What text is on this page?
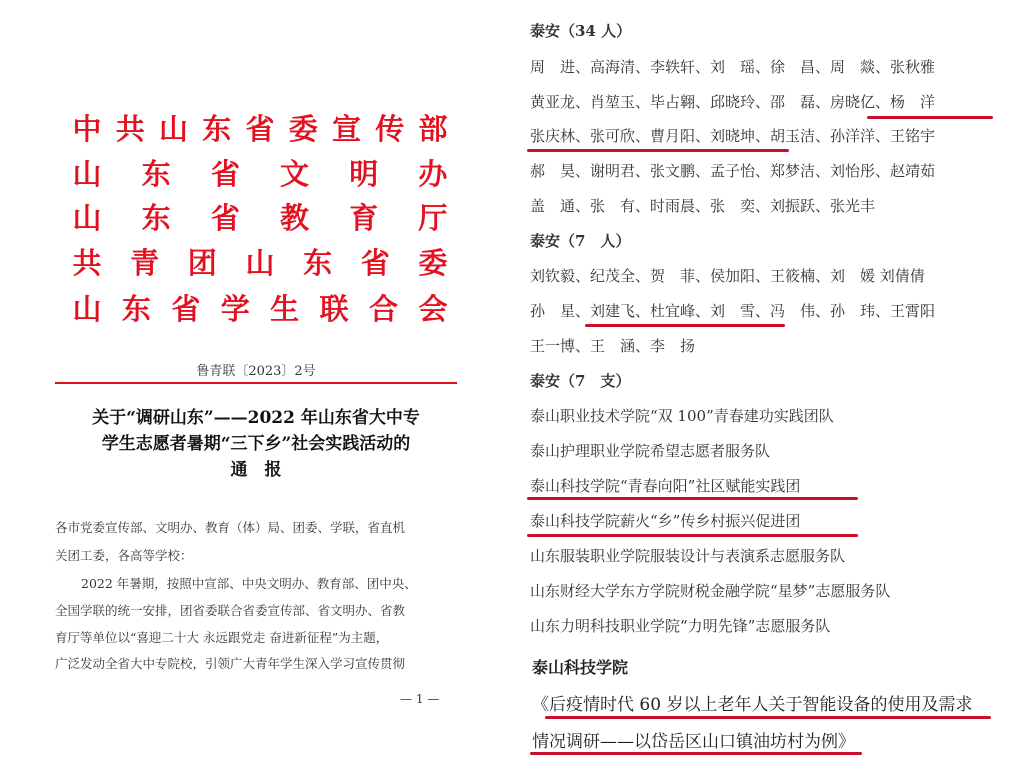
中 共 山 东 省 委 宣 传 部
山 东 省 文 明 办
山 东 省 教 育 厅
共 青 团 山 东 省 委
山 东 省 学 生 联 合 会
鲁青联〔2023〕2号
关于“调研山东”——2022 年山东省大中专
学生志愿者暑期“三下乡”社会实践活动的
通　报
各市党委宣传部、文明办、教育（体）局、团委、学联，省直机
关团工委，各高等学校：
2022 年暑期，按照中宣部、中央文明办、教育部、团中央、
全国学联的统一安排，团省委联合省委宣传部、省文明办、省教
育厅等单位以“喜迎二十大 永远跟党走 奋进新征程”为主题，
广泛发动全省大中专院校，引领广大青年学生深入学习宣传贯彻
— 1 —
泰安（34 人）
周　进、高海清、李轶轩、刘　瑶、徐　昌、周　燚、张秋雅
黄亚龙、肖堃玉、毕占翱、邱晓玲、邵　磊、房晓亿、杨　洋
张庆林、张可欣、曹月阳、刘晓坤、胡玉洁、孙洋洋、王铭宇
郝　昊、谢明君、张文鹏、孟子怡、郑梦洁、刘怡彤、赵靖茹
盖　通、张　有、时雨晨、张　奕、刘振跃、张光丰
泰安（7　人）
刘钦毅、纪茂全、贺　菲、侯加阳、王筱楠、刘　媛 刘倩倩
孙　星、刘建飞、杜宜峰、刘　雪、冯　伟、孙　玮、王霄阳
王一博、王　涵、李　扬
泰安（7　支）
泰山职业技术学院“双 100”青春建功实践团队
泰山护理职业学院希望志愿者服务队
泰山科技学院“青春向阳”社区赋能实践团
泰山科技学院薪火“乡”传乡村振兴促进团
山东服装职业学院服装设计与表演系志愿服务队
山东财经大学东方学院财税金融学院“星梦”志愿服务队
山东力明科技职业学院“力明先锋”志愿服务队
泰山科技学院
《后疫情时代 60 岁以上老年人关于智能设备的使用及需求
情况调研——以岱岳区山口镇油坊村为例》
